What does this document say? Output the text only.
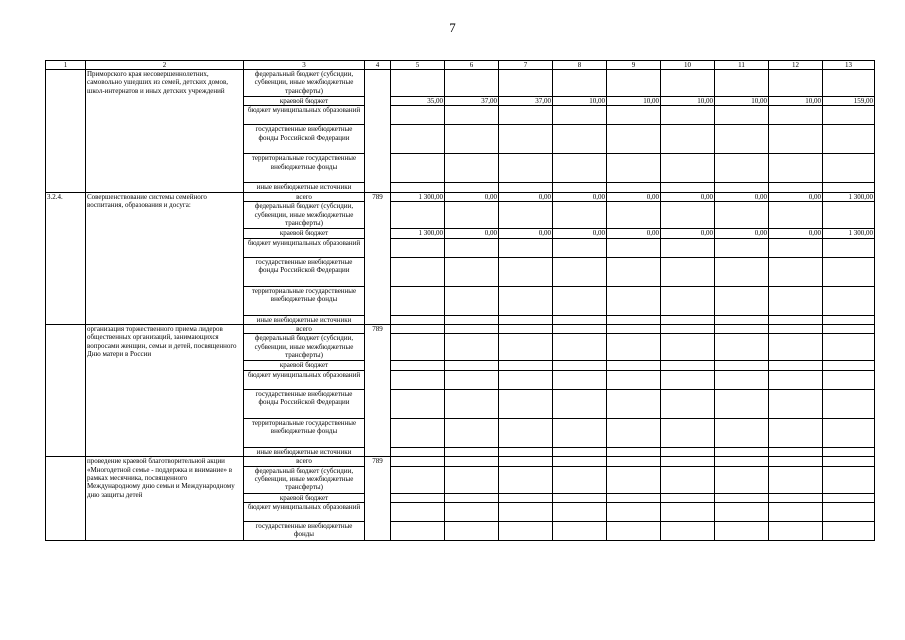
7
1	2	3	4	5	6	7	8	9	10	11	12	13
	Приморского края несовершеннолетних, самовольно ушедших из семей, детских домов, школ-интернатов и иных детских учреждений	федеральный бюджет (субсидии, субвенции, иные межбюджетные трансферты)										
		краевой бюджет		35,00	37,00	37,00	10,00	10,00	10,00	10,00	10,00	159,00
		бюджет муниципальных образований										
		государственные внебюджетные фонды Российской Федерации										
		территориальные государственные внебюджетные фонды										
		иные внебюджетные источники										
3.2.4.	Совершенствование системы семейного воспитания, образования и досуга:	всего	789	1 300,00	0,00	0,00	0,00	0,00	0,00	0,00	0,00	1 300,00
		федеральный бюджет (субсидии, субвенции, иные межбюджетные трансферты)										
		краевой бюджет		1 300,00	0,00	0,00	0,00	0,00	0,00	0,00	0,00	1 300,00
		бюджет муниципальных образований										
		государственные внебюджетные фонды Российской Федерации										
		территориальные государственные внебюджетные фонды										
		иные внебюджетные источники										
	организация торжественного приема лидеров общественных организаций, занимающихся вопросами женщин, семьи и детей, посвященного Дню матери в России	всего	789									
		федеральный бюджет (субсидии, субвенции, иные межбюджетные трансферты)										
		краевой бюджет										
		бюджет муниципальных образований										
		государственные внебюджетные фонды Российской Федерации										
		территориальные государственные внебюджетные фонды										
		иные внебюджетные источники										
	проведение краевой благотворительной акции «Многодетной семье - поддержка и внимание» в рамках месячника, посвященного Международному дню семьи и Международному дню защиты детей	всего	789									
		федеральный бюджет (субсидии, субвенции, иные межбюджетные трансферты)										
		краевой бюджет										
		бюджет муниципальных образований										
		государственные внебюджетные фонды										
